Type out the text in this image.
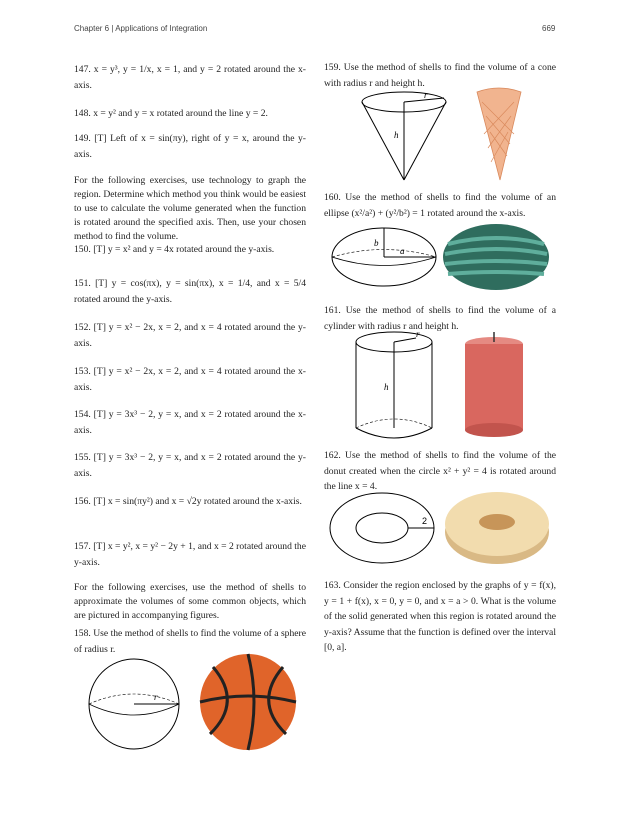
Chapter 6 | Applications of Integration	669
147. x = y³, y = 1/x, x = 1, and y = 2 rotated around the x-axis.
148. x = y² and y = x rotated around the line y = 2.
149. [T] Left of x = sin(πy), right of y = x, around the y-axis.
For the following exercises, use technology to graph the region. Determine which method you think would be easiest to use to calculate the volume generated when the function is rotated around the specified axis. Then, use your chosen method to find the volume.
150. [T] y = x² and y = 4x rotated around the y-axis.
151. [T] y = cos(πx), y = sin(πx), x = 1/4, and x = 5/4 rotated around the y-axis.
152. [T] y = x² − 2x, x = 2, and x = 4 rotated around the y-axis.
153. [T] y = x² − 2x, x = 2, and x = 4 rotated around the x-axis.
154. [T] y = 3x³ − 2, y = x, and x = 2 rotated around the x-axis.
155. [T] y = 3x³ − 2, y = x, and x = 2 rotated around the y-axis.
156. [T] x = sin(πy²) and x = √2y rotated around the x-axis.
157. [T] x = y², x = y² − 2y + 1, and x = 2 rotated around the y-axis.
For the following exercises, use the method of shells to approximate the volumes of some common objects, which are pictured in accompanying figures.
158. Use the method of shells to find the volume of a sphere of radius r.
r
159. Use the method of shells to find the volume of a cone with radius r and height h.
r
h
160. Use the method of shells to find the volume of an ellipse (x²/a²) + (y²/b²) = 1 rotated around the x-axis.
b
a
161. Use the method of shells to find the volume of a cylinder with radius r and height h.
r
h
162. Use the method of shells to find the volume of the donut created when the circle x² + y² = 4 is rotated around the line x = 4.
2
163. Consider the region enclosed by the graphs of y = f(x), y = 1 + f(x), x = 0, y = 0, and x = a > 0. What is the volume of the solid generated when this region is rotated around the y-axis? Assume that the function is defined over the interval [0, a].
